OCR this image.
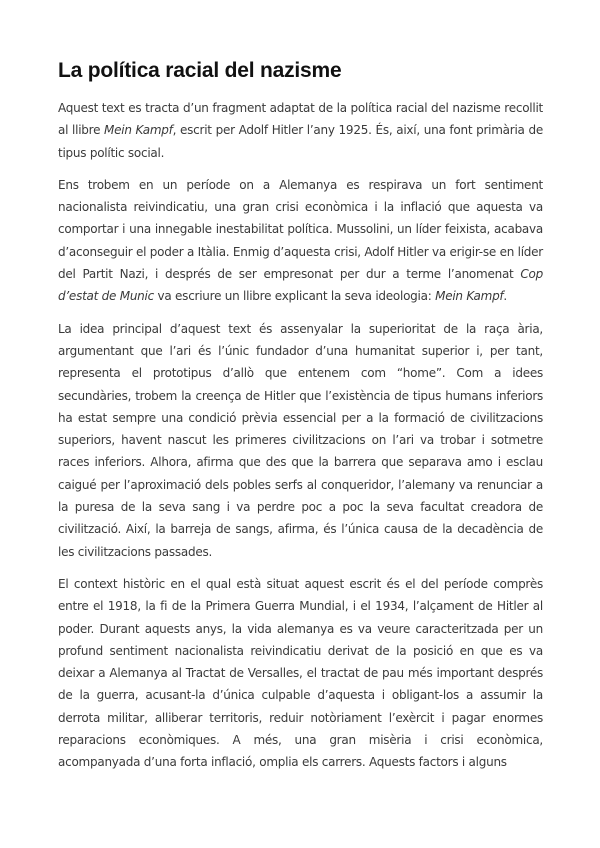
La política racial del nazisme

Aquest text es tracta d’un fragment adaptat de la política racial del nazisme recollit al llibre Mein Kampf, escrit per Adolf Hitler l’any 1925. És, així, una font primària de tipus polític social.

Ens trobem en un període on a Alemanya es respirava un fort sentiment nacionalista reivindicatiu, una gran crisi econòmica i la inflació que aquesta va comportar i una innegable inestabilitat política. Mussolini, un líder feixista, acabava d’aconseguir el poder a Itàlia. Enmig d’aquesta crisi, Adolf Hitler va erigir-se en líder del Partit Nazi, i després de ser empresonat per dur a terme l’anomenat Cop d’estat de Munic va escriure un llibre explicant la seva ideologia: Mein Kampf.

La idea principal d’aquest text és assenyalar la superioritat de la raça ària, argumentant que l’ari és l’únic fundador d’una humanitat superior i, per tant, representa el prototipus d’allò que entenem com “home”. Com a idees secundàries, trobem la creença de Hitler que l’existència de tipus humans inferiors ha estat sempre una condició prèvia essencial per a la formació de civilitzacions superiors, havent nascut les primeres civilitzacions on l’ari va trobar i sotmetre races inferiors. Alhora, afirma que des que la barrera que separava amo i esclau caigué per l’aproximació dels pobles serfs al conqueridor, l’alemany va renunciar a la puresa de la seva sang i va perdre poc a poc la seva facultat creadora de civilització. Així, la barreja de sangs, afirma, és l’única causa de la decadència de les civilitzacions passades.

El context històric en el qual està situat aquest escrit és el del període comprès entre el 1918, la fi de la Primera Guerra Mundial, i el 1934, l’alçament de Hitler al poder. Durant aquests anys, la vida alemanya es va veure caracteritzada per un profund sentiment nacionalista reivindicatiu derivat de la posició en que es va deixar a Alemanya al Tractat de Versalles, el tractat de pau més important després de la guerra, acusant-la d’única culpable d’aquesta i obligant-los a assumir la derrota militar, alliberar territoris, reduir notòriament l’exèrcit i pagar enormes reparacions econòmiques. A més, una gran misèria i crisi econòmica, acompanyada d’una forta inflació, omplia els carrers. Aquests factors i alguns
